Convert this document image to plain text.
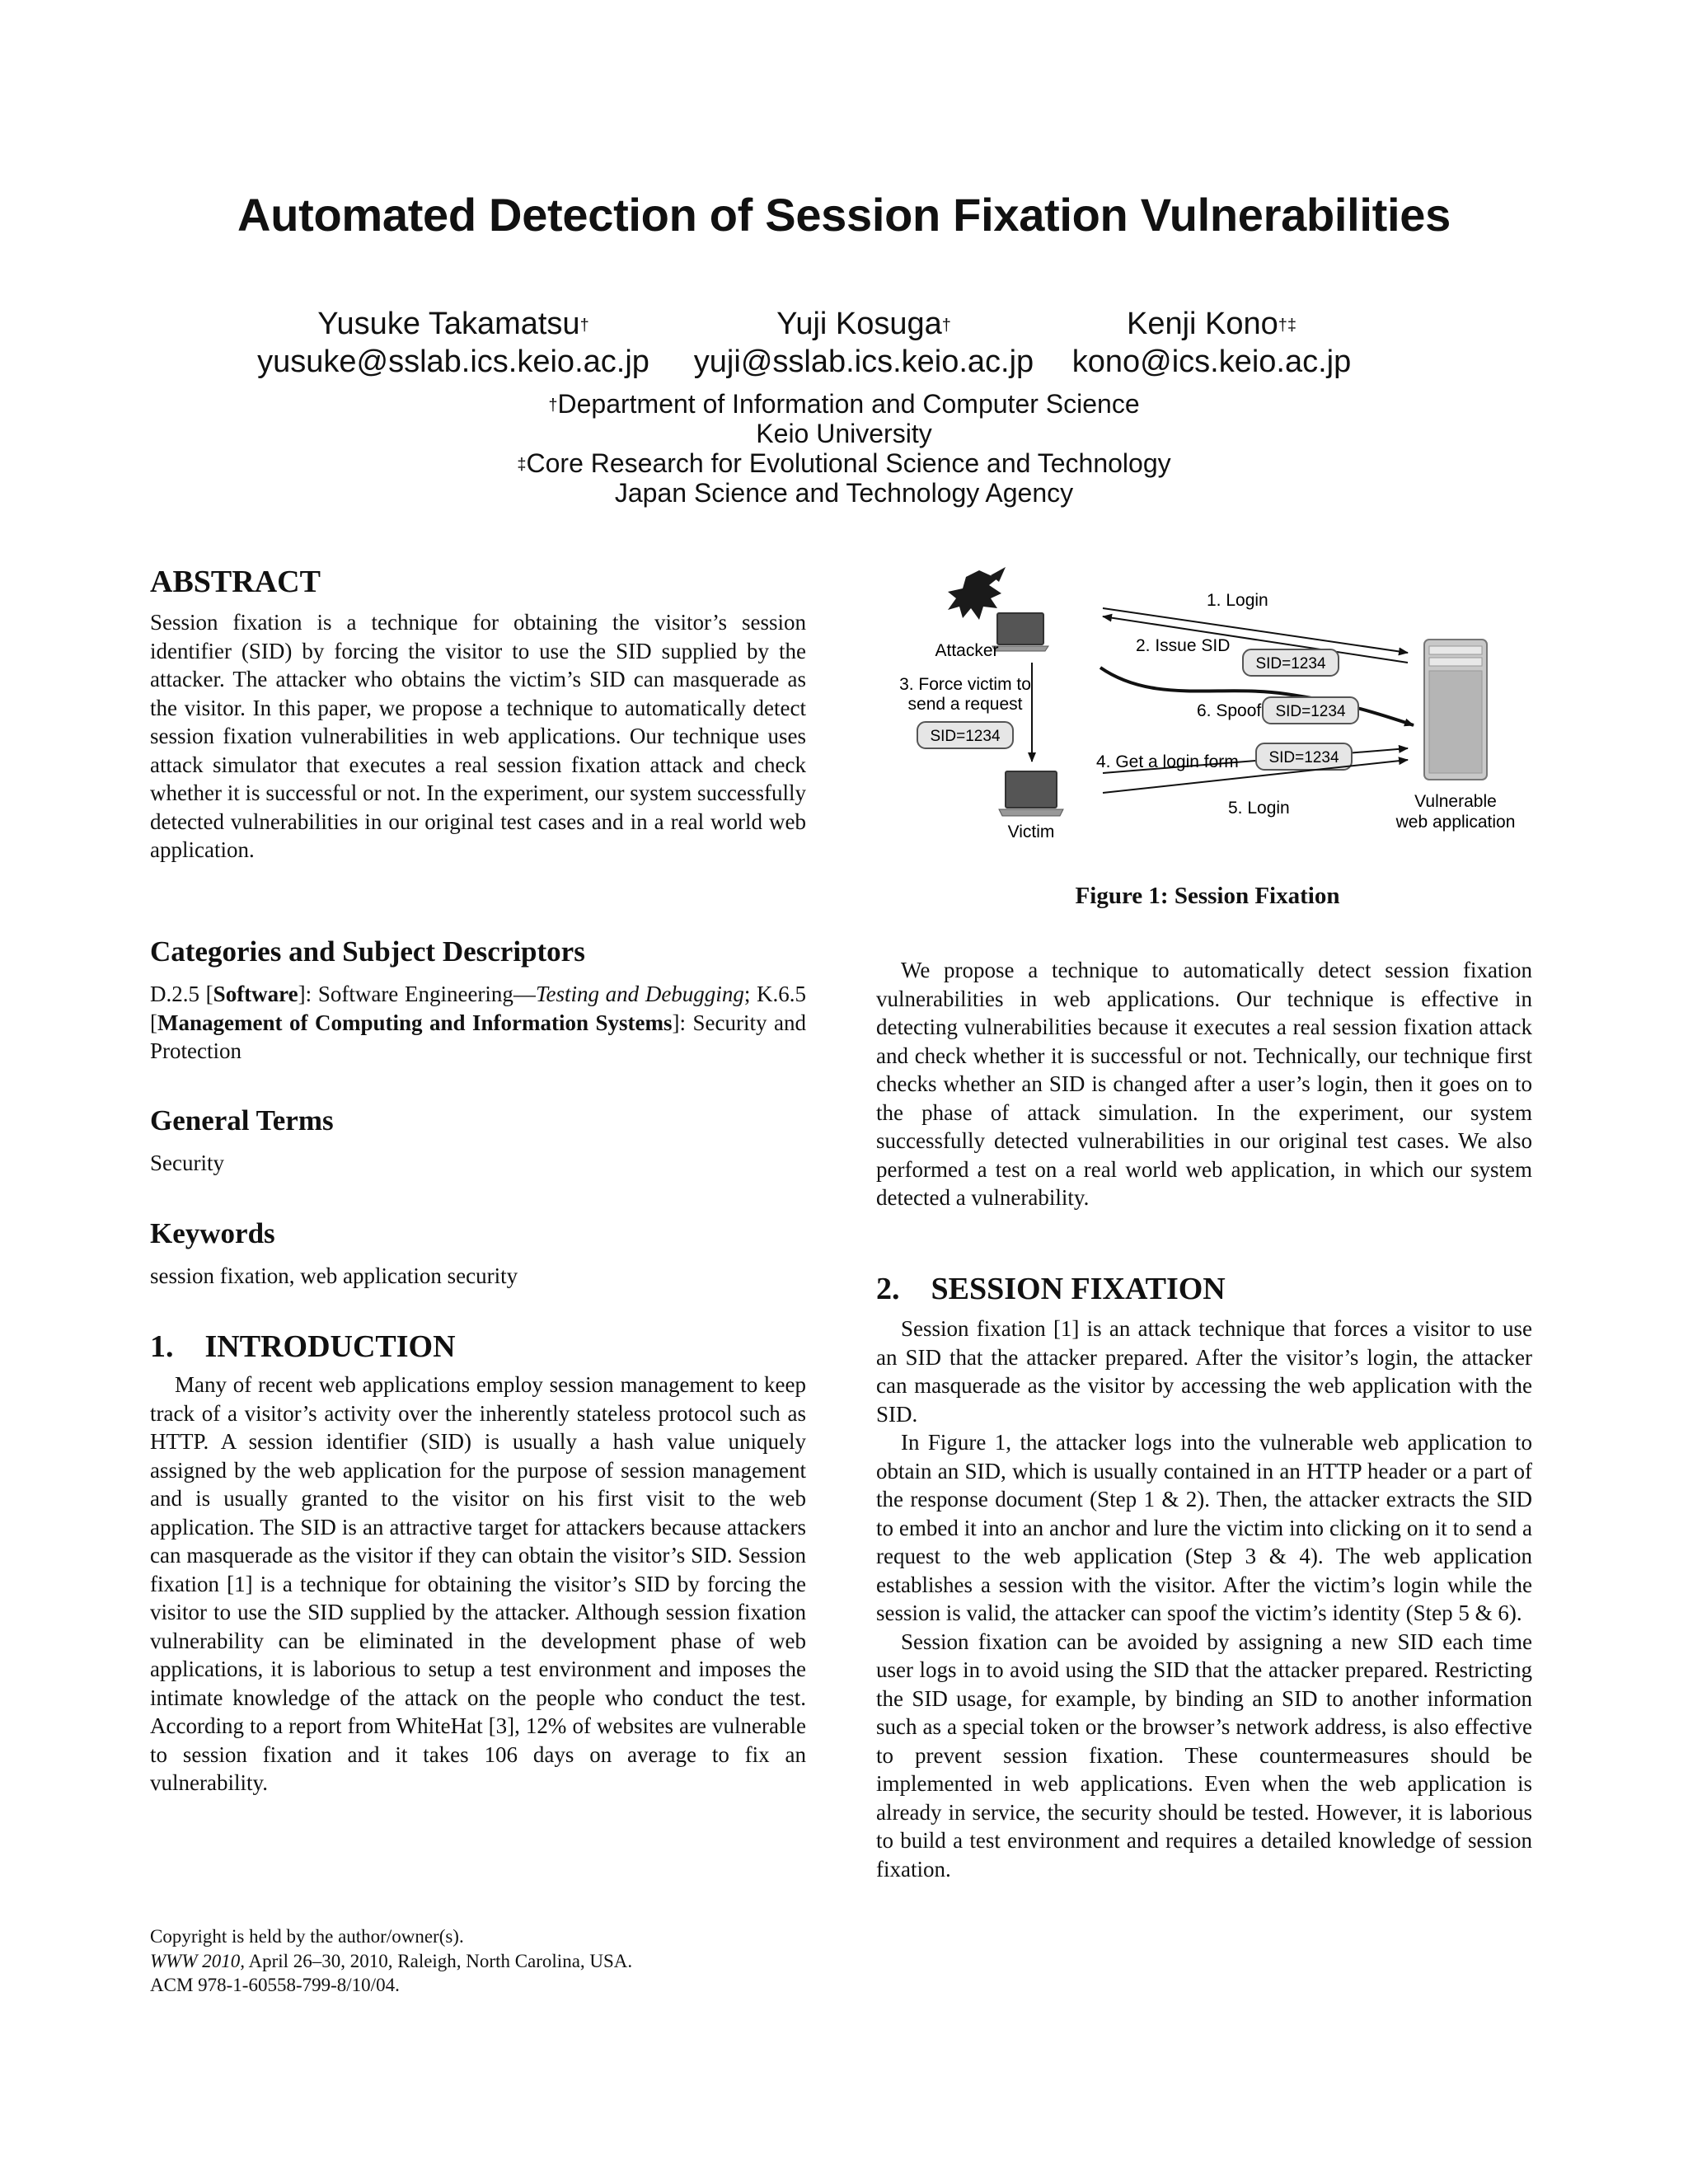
Automated Detection of Session Fixation Vulnerabilities
Yusuke Takamatsu†
yusuke@sslab.ics.keio.ac.jp
Yuji Kosuga†
yuji@sslab.ics.keio.ac.jp
Kenji Kono†‡
kono@ics.keio.ac.jp
†Department of Information and Computer Science
Keio University
‡Core Research for Evolutional Science and Technology
Japan Science and Technology Agency
ABSTRACT

Session fixation is a technique for obtaining the visitor’s session identifier (SID) by forcing the visitor to use the SID supplied by the attacker. The attacker who obtains the victim’s SID can masquerade as the visitor. In this paper, we propose a technique to automatically detect session fixation vulnerabilities in web applications. Our technique uses attack simulator that executes a real session fixation attack and check whether it is successful or not. In the experiment, our system successfully detected vulnerabilities in our original test cases and in a real world web application.

Categories and Subject Descriptors

D.2.5 [Software]: Software Engineering—Testing and Debugging; K.6.5 [Management of Computing and Information Systems]: Security and Protection

General Terms

Security

Keywords

session fixation, web application security

1. INTRODUCTION

Many of recent web applications employ session management to keep track of a visitor’s activity over the inherently stateless protocol such as HTTP. A session identifier (SID) is usually a hash value uniquely assigned by the web application for the purpose of session management and is usually granted to the visitor on his first visit to the web application. The SID is an attractive target for attackers because attackers can masquerade as the visitor if they can obtain the visitor’s SID. Session fixation [1] is a technique for obtaining the visitor’s SID by forcing the visitor to use the SID supplied by the attacker. Although session fixation vulnerability can be eliminated in the development phase of web applications, it is laborious to setup a test environment and imposes the intimate knowledge of the attack on the people who conduct the test. According to a report from WhiteHat [3], 12% of websites are vulnerable to session fixation and it takes 106 days on average to fix an vulnerability.

Copyright is held by the author/owner(s).
WWW 2010, April 26–30, 2010, Raleigh, North Carolina, USA.
ACM 978-1-60558-799-8/10/04.
Attacker
Victim
Vulnerable
web application
1. Login
2. Issue SID
SID=1234
3. Force victim to
send a request
SID=1234
6. Spoof SID=1234
4. Get a login form SID=1234
5. Login
Figure 1: Session Fixation

We propose a technique to automatically detect session fixation vulnerabilities in web applications. Our technique is effective in detecting vulnerabilities because it executes a real session fixation attack and check whether it is successful or not. Technically, our technique first checks whether an SID is changed after a user’s login, then it goes on to the phase of attack simulation. In the experiment, our system successfully detected vulnerabilities in our original test cases. We also performed a test on a real world web application, in which our system detected a vulnerability.

2. SESSION FIXATION

Session fixation [1] is an attack technique that forces a visitor to use an SID that the attacker prepared. After the visitor’s login, the attacker can masquerade as the visitor by accessing the web application with the SID.

In Figure 1, the attacker logs into the vulnerable web application to obtain an SID, which is usually contained in an HTTP header or a part of the response document (Step 1 & 2). Then, the attacker extracts the SID to embed it into an anchor and lure the victim into clicking on it to send a request to the web application (Step 3 & 4). The web application establishes a session with the visitor. After the victim’s login while the session is valid, the attacker can spoof the victim’s identity (Step 5 & 6).

Session fixation can be avoided by assigning a new SID each time user logs in to avoid using the SID that the attacker prepared. Restricting the SID usage, for example, by binding an SID to another information such as a special token or the browser’s network address, is also effective to prevent session fixation. These countermeasures should be implemented in web applications. Even when the web application is already in service, the security should be tested. However, it is laborious to build a test environment and requires a detailed knowledge of session fixation.
